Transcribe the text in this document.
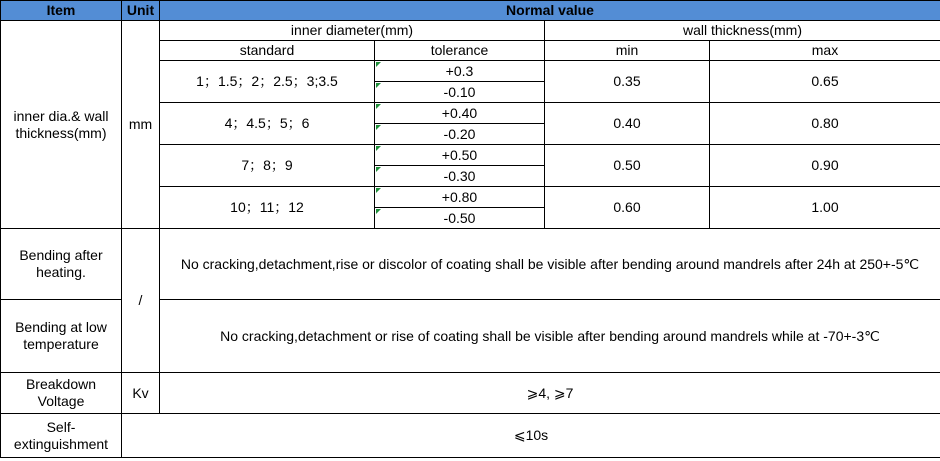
Item	Unit	Normal value			
inner dia.& wall thickness(mm)	mm	inner diameter(mm)		wall thickness(mm)	
		standard	tolerance	min	max
		1；1.5；2；2.5；3;3.5	+0.3	0.35	0.65
			-0.10		
		4；4.5；5；6	+0.40	0.40	0.80
			-0.20		
		7；8；9	+0.50	0.50	0.90
			-0.30		
		10；11；12	+0.80	0.60	1.00
			-0.50		
Bending after heating.	/	No cracking,detachment,rise or discolor of coating shall be visible after bending around mandrels after 24h at 250+-5℃			
Bending at low temperature		No cracking,detachment or rise of coating shall be visible after bending around mandrels while at -70+-3℃			
Breakdown Voltage	Kv	⩾4, ⩾7			
Self-extinguishment	⩽10s				
